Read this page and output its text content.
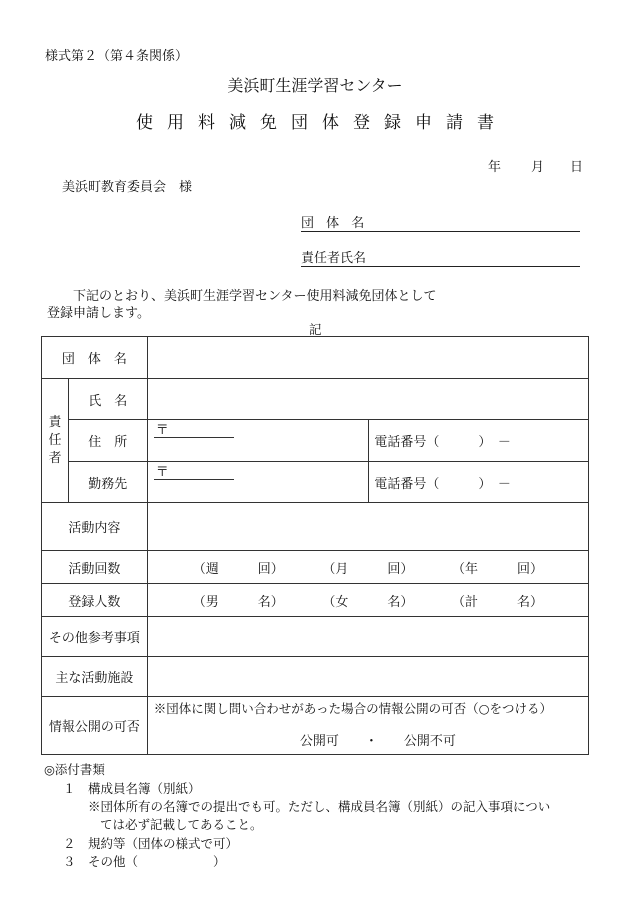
様式第２（第４条関係）
美浜町生涯学習センター
使用料減免団体登録申請書
年 月 日
美浜町教育委員会　様
団 体 名
責任者氏名
下記のとおり、美浜町生涯学習センター使用料減免団体として
登録申請します。
記
団　体　名			

責任者	氏　名		
	住　所	〒	電話番号（　　　）　－
	勤務先	〒	電話番号（　　　）　－
活動内容			
活動回数		（週　　　回） （月　　　回） （年　　　回）	

登録人数		（男　　　名） （女　　　名） （計　　　名）	

その他参考事項			
主な活動施設			
情報公開の可否		※団体に関し問い合わせがあった場合の情報公開の可否（○をつける）
公開可　　・　　公開不可	
◎添付書類
１ 構成員名簿（別紙）
※団体所有の名簿での提出でも可。ただし、構成員名簿（別紙）の記入事項につい
ては必ず記載してあること。
２ 規約等（団体の様式で可）
３ その他（　　　　　　）
